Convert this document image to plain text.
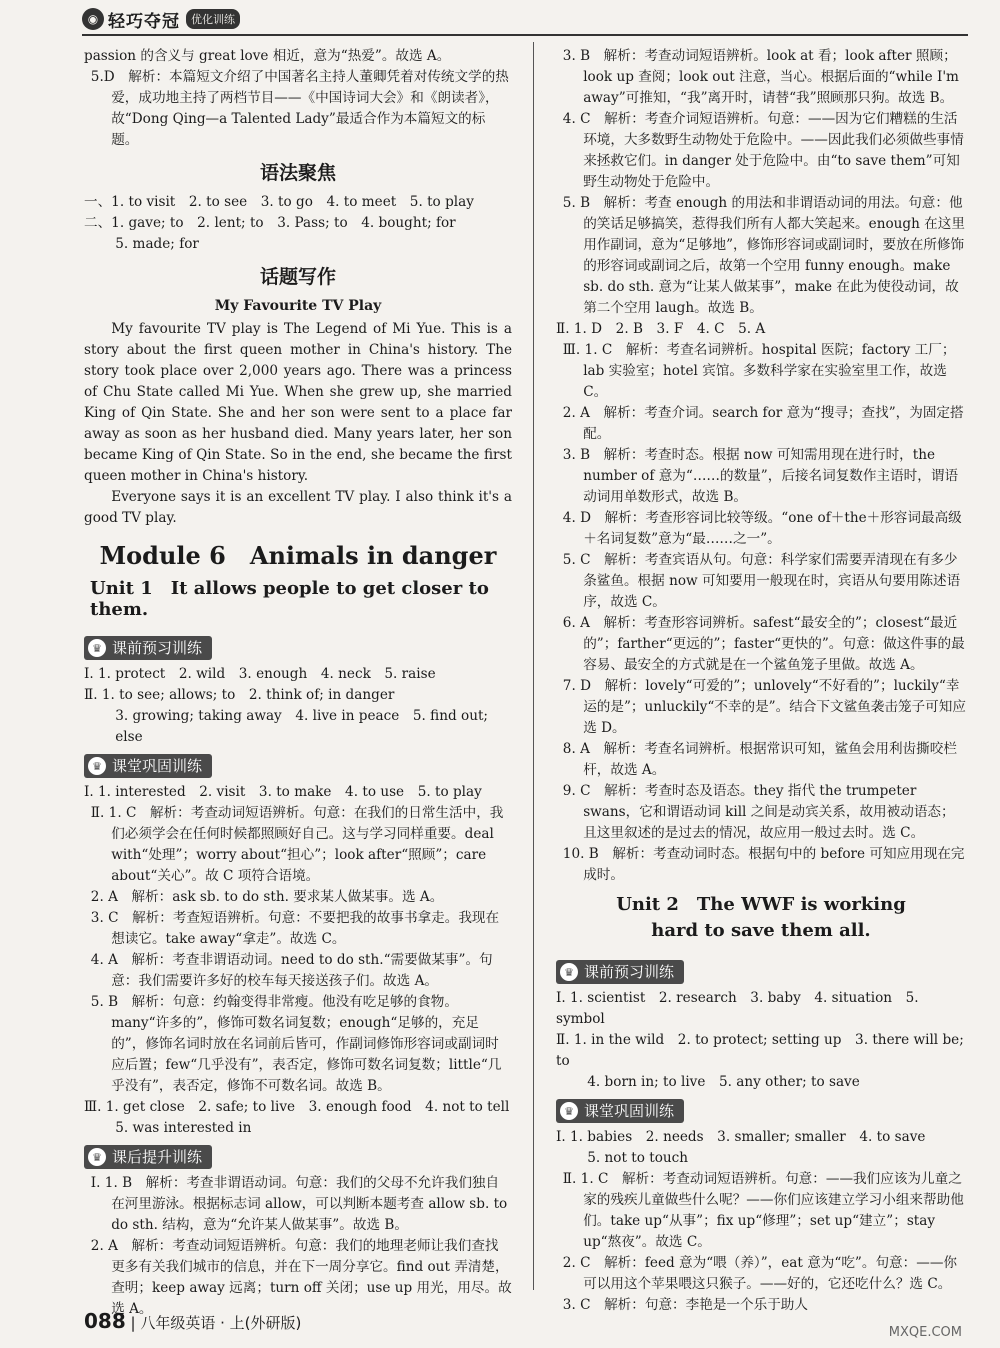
◉ 轻巧夺冠	优化训练

passion 的含义与 great love 相近，意为“热爱”。故选 A。

5.D　解析：本篇短文介绍了中国著名主持人董卿凭着对传统文学的热爱，成功地主持了两档节目——《中国诗词大会》和《朗读者》，故“Dong Qing—a Talented Lady”最适合作为本篇短文的标题。

语法聚焦

一、1. to visit　2. to see　3. to go　4. to meet　5. to play

二、1. gave; to　2. lent; to　3. Pass; to　4. bought; for

5. made; for

话题写作
My Favourite TV Play

My favourite TV play is The Legend of Mi Yue. This is a story about the first queen mother in China's history. The story took place over 2,000 years ago. There was a princess of Chu State called Mi Yue. When she grew up, she married King of Qin State. She and her son were sent to a place far away as soon as her husband died. Many years later, her son became King of Qin State. So in the end, she became the first queen mother in China's history.

Everyone says it is an excellent TV play. I also think it's a good TV play.

Module 6　Animals in danger
Unit 1　It allows people to get closer to them.
♛ 课前预习训练

Ⅰ. 1. protect　2. wild　3. enough　4. neck　5. raise

Ⅱ. 1. to see; allows; to　2. think of; in danger

3. growing; taking away　4. live in peace　5. find out; else

♛ 课堂巩固训练

Ⅰ. 1. interested　2. visit　3. to make　4. to use　5. to play

Ⅱ. 1. C　解析：考查动词短语辨析。句意：在我们的日常生活中，我们必须学会在任何时候都照顾好自己。这与学习同样重要。deal with“处理”；worry about“担心”；look after“照顾”；care about“关心”。故 C 项符合语境。

2. A　解析：ask sb. to do sth. 要求某人做某事。选 A。

3. C　解析：考查短语辨析。句意：不要把我的故事书拿走。我现在想读它。take away“拿走”。故选 C。

4. A　解析：考查非谓语动词。need to do sth.“需要做某事”。句意：我们需要许多好的校车每天接送孩子们。故选 A。

5. B　解析：句意：约翰变得非常瘦。他没有吃足够的食物。many“许多的”，修饰可数名词复数；enough“足够的，充足的”，修饰名词时放在名词前后皆可，作副词修饰形容词或副词时应后置；few“几乎没有”，表否定，修饰可数名词复数；little“几乎没有”，表否定，修饰不可数名词。故选 B。

Ⅲ. 1. get close　2. safe; to live　3. enough food　4. not to tell

5. was interested in

♛ 课后提升训练

Ⅰ. 1. B　解析：考查非谓语动词。句意：我们的父母不允许我们独自在河里游泳。根据标志词 allow，可以判断本题考查 allow sb. to do sth. 结构，意为“允许某人做某事”。故选 B。

2. A　解析：考查动词短语辨析。句意：我们的地理老师让我们查找更多有关我们城市的信息，并在下一周分享它。find out 弄清楚，查明；keep away 远离；turn off 关闭；use up 用光，用尽。故选 A。

3. B　解析：考查动词短语辨析。look at 看；look after 照顾；look up 查阅；look out 注意，当心。根据后面的“while I'm away”可推知，“我”离开时，请替“我”照顾那只狗。故选 B。

4. C　解析：考查介词短语辨析。句意：——因为它们糟糕的生活环境，大多数野生动物处于危险中。——因此我们必须做些事情来拯救它们。in danger 处于危险中。由“to save them”可知野生动物处于危险中。

5. B　解析：考查 enough 的用法和非谓语动词的用法。句意：他的笑话足够搞笑，惹得我们所有人都大笑起来。enough 在这里用作副词，意为“足够地”，修饰形容词或副词时，要放在所修饰的形容词或副词之后，故第一个空用 funny enough。make sb. do sth. 意为“让某人做某事”，make 在此为使役动词，故第二个空用 laugh。故选 B。

Ⅱ. 1. D　2. B　3. F　4. C　5. A

Ⅲ. 1. C　解析：考查名词辨析。hospital 医院；factory 工厂；lab 实验室；hotel 宾馆。多数科学家在实验室里工作，故选 C。

2. A　解析：考查介词。search for 意为“搜寻；查找”，为固定搭配。

3. B　解析：考查时态。根据 now 可知需用现在进行时，the number of 意为“……的数量”，后接名词复数作主语时，谓语动词用单数形式，故选 B。

4. D　解析：考查形容词比较等级。“one of＋the＋形容词最高级＋名词复数”意为“最……之一”。

5. C　解析：考查宾语从句。句意：科学家们需要弄清现在有多少条鲨鱼。根据 now 可知要用一般现在时，宾语从句要用陈述语序，故选 C。

6. A　解析：考查形容词辨析。safest“最安全的”；closest“最近的”；farther“更远的”；faster“更快的”。句意：做这件事的最容易、最安全的方式就是在一个鲨鱼笼子里做。故选 A。

7. D　解析：lovely“可爱的”；unlovely“不好看的”；luckily“幸运的是”；unluckily“不幸的是”。结合下文鲨鱼袭击笼子可知应选 D。

8. A　解析：考查名词辨析。根据常识可知，鲨鱼会用利齿撕咬栏杆，故选 A。

9. C　解析：考查时态及语态。they 指代 the trumpeter swans，它和谓语动词 kill 之间是动宾关系，故用被动语态；且这里叙述的是过去的情况，故应用一般过去时。选 C。

10. B　解析：考查动词时态。根据句中的 before 可知应用现在完成时。

Unit 2　The WWF is working
hard to save them all.
♛ 课前预习训练

Ⅰ. 1. scientist　2. research　3. baby　4. situation　5. symbol

Ⅱ. 1. in the wild　2. to protect; setting up　3. there will be; to

4. born in; to live　5. any other; to save

♛ 课堂巩固训练

Ⅰ. 1. babies　2. needs　3. smaller; smaller　4. to save

5. not to touch

Ⅱ. 1. C　解析：考查动词短语辨析。句意：——我们应该为儿童之家的残疾儿童做些什么呢？——你们应该建立学习小组来帮助他们。take up“从事”；fix up“修理”；set up“建立”；stay up“熬夜”。故选 C。

2. C　解析：feed 意为“喂（养）”，eat 意为“吃”。句意：——你可以用这个苹果喂这只猴子。——好的，它还吃什么？选 C。

3. C　解析：句意：李艳是一个乐于助人

088 | 八年级英语 · 上(外研版)
MXQE.COM
